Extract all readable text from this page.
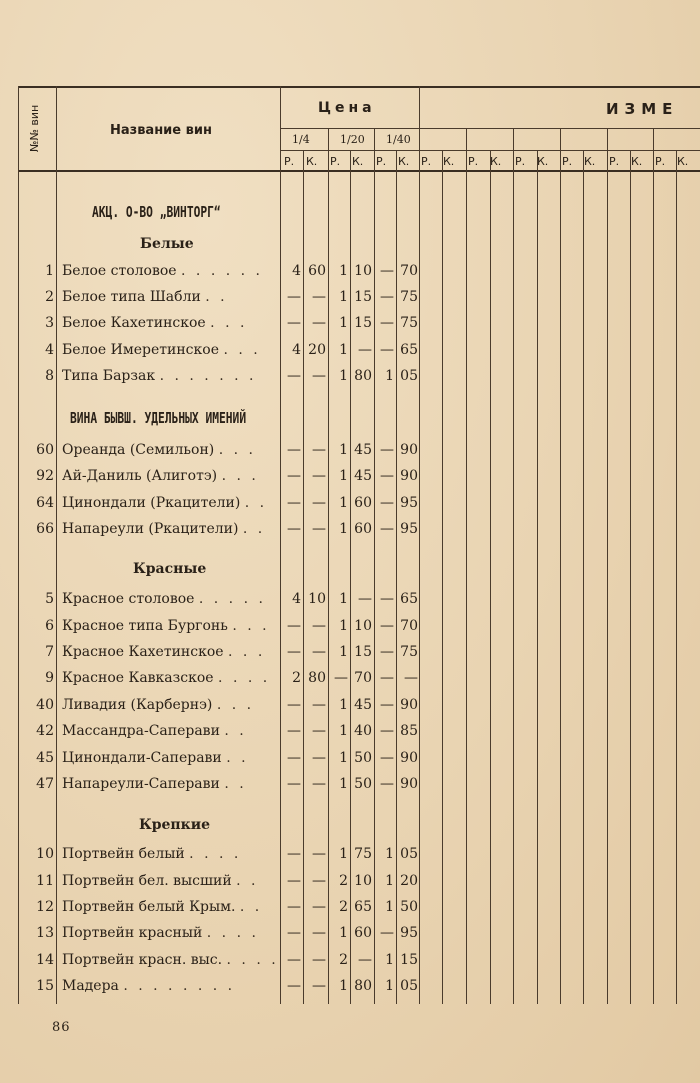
№№ вин	Название вин
Цена	ИЗМЕ
1/4	1/20 1/40
Р. К. Р. К. Р. К. Р. К. Р. К. Р. К. Р. К. Р. К. Р. К.
АКЦ. О-ВО „ВИНТОРГ“
Белые
ВИНА БЫВШ. УДЕЛЬНЫХ ИМЕНИЙ
Красные
Крепкие
1 Белое столовое . . . . . .	4 60 1 10 — 70
2 Белое типа Шабли . .	— — 1 15 — 75
3 Белое Кахетинское . . .	— — 1 15 — 75
4 Белое Имеретинское . . .	4 20 1 — — 65
8 Типа Барзак . . . . . . .	— — 1 80 1 05
60 Ореанда (Семильон) . . .	— — 1 45 — 90
92 Ай-Даниль (Алиготэ) . . .	— — 1 45 — 90
64 Цинондали (Ркацители) . .	— — 1 60 — 95
66 Напареули (Ркацители) . .	— — 1 60 — 95
5 Красное столовое . . . . .	4 10 1 — — 65
6 Красное типа Бургонь . . .	— — 1 10 — 70
7 Красное Кахетинское . . .	— — 1 15 — 75
9 Красное Кавказское . . . .	2 80 — 70 — —
40 Ливадия (Карбернэ) . . .	— — 1 45 — 90
42 Массандра-Саперави . .	— — 1 40 — 85
45 Цинондали-Саперави . .	— — 1 50 — 90
47 Напареули-Саперави . .	— — 1 50 — 90
10 Портвейн белый . . . .	— — 1 75 1 05
11 Портвейн бел. высший . .	— — 2 10 1 20
12 Портвейн белый Крым. . .	— — 2 65 1 50
13 Портвейн красный . . . .	— — 1 60 — 95
14 Портвейн красн. выс. . . . . — — 2 — 1 15
15 Мадера . . . . . . . .	— — 1 80 1 05
86
